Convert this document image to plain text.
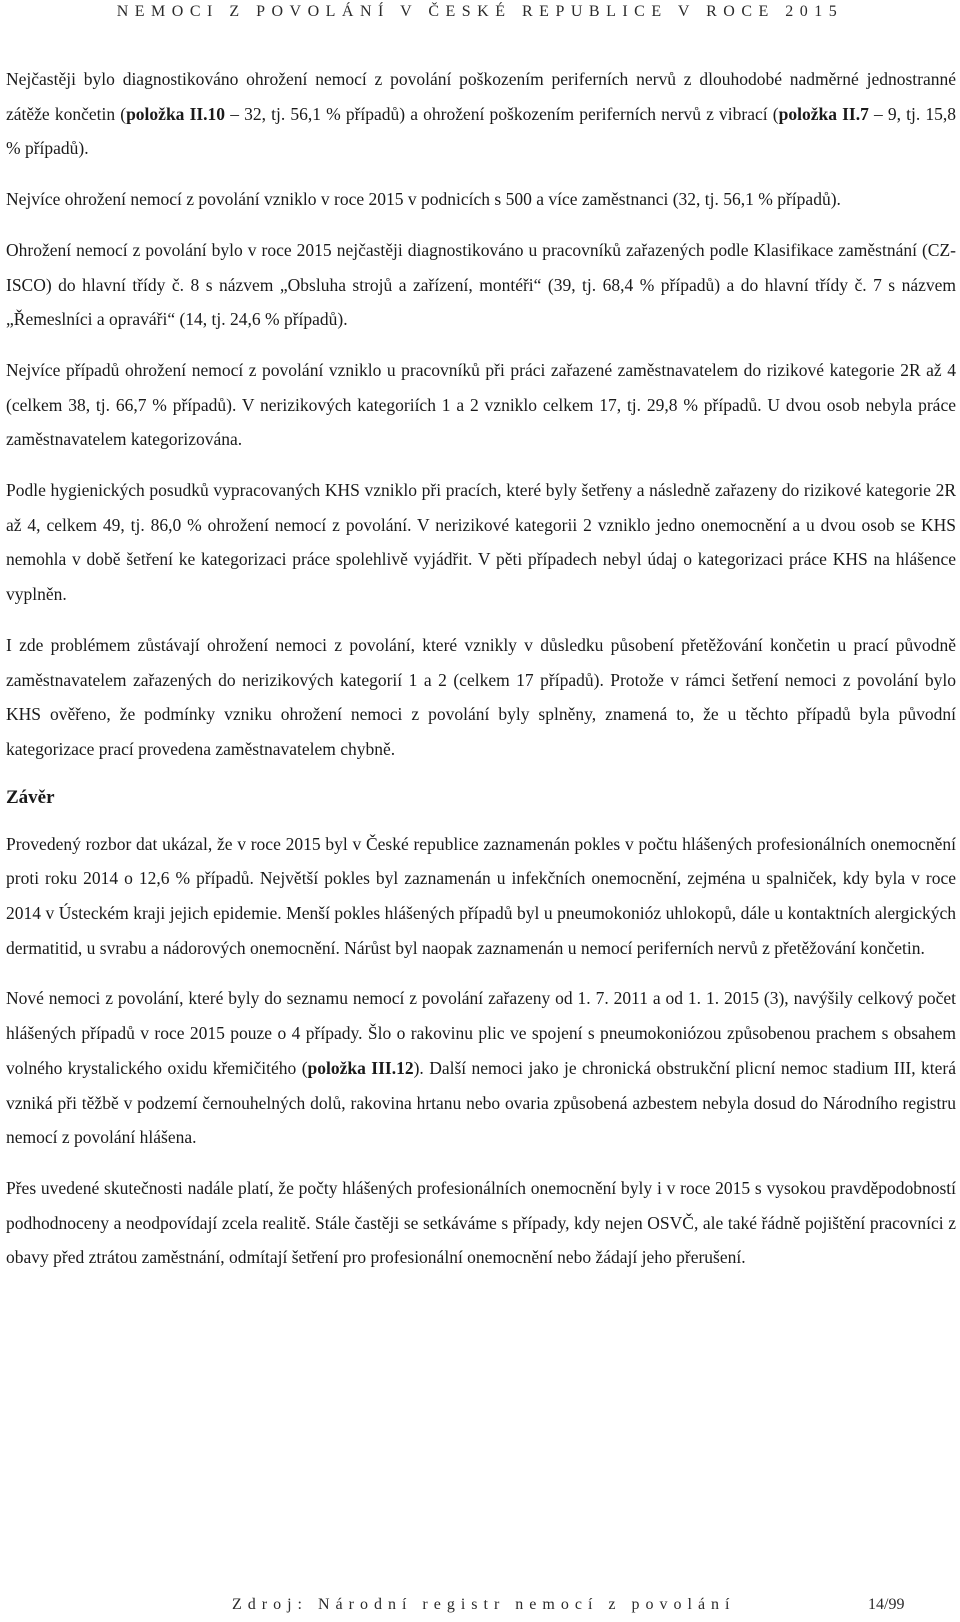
NEMOCI Z POVOLÁNÍ V ČESKÉ REPUBLICE V ROCE 2015

Nejčastěji bylo diagnostikováno ohrožení nemocí z povolání poškozením periferních nervů z dlouhodobé nadměrné jednostranné zátěže končetin (položka II.10 – 32, tj. 56,1 % případů) a ohrožení poškozením periferních nervů z vibrací (položka II.7 – 9, tj. 15,8 % případů).

Nejvíce ohrožení nemocí z povolání vzniklo v roce 2015 v podnicích s 500 a více zaměstnanci (32, tj. 56,1 % případů).

Ohrožení nemocí z povolání bylo v roce 2015 nejčastěji diagnostikováno u pracovníků zařazených podle Klasifikace zaměstnání (CZ-ISCO) do hlavní třídy č. 8 s názvem „Obsluha strojů a zařízení, montéři“ (39, tj. 68,4 % případů) a do hlavní třídy č. 7 s názvem „Řemeslníci a opraváři“ (14, tj. 24,6 % případů).

Nejvíce případů ohrožení nemocí z povolání vzniklo u pracovníků při práci zařazené zaměstnavatelem do rizikové kategorie 2R až 4 (celkem 38, tj. 66,7 % případů). V nerizikových kategoriích 1 a 2 vzniklo celkem 17, tj. 29,8 % případů. U dvou osob nebyla práce zaměstnavatelem kategorizována.

Podle hygienických posudků vypracovaných KHS vzniklo při pracích, které byly šetřeny a následně zařazeny do rizikové kategorie 2R až 4, celkem 49, tj. 86,0 % ohrožení nemocí z povolání. V nerizikové kategorii 2 vzniklo jedno onemocnění a u dvou osob se KHS nemohla v době šetření ke kategorizaci práce spolehlivě vyjádřit. V pěti případech nebyl údaj o kategorizaci práce KHS na hlášence vyplněn.

I zde problémem zůstávají ohrožení nemoci z povolání, které vznikly v důsledku působení přetěžování končetin u prací původně zaměstnavatelem zařazených do nerizikových kategorií 1 a 2 (celkem 17 případů). Protože v rámci šetření nemoci z povolání bylo KHS ověřeno, že podmínky vzniku ohrožení nemoci z povolání byly splněny, znamená to, že u těchto případů byla původní kategorizace prací provedena zaměstnavatelem chybně.

Závěr

Provedený rozbor dat ukázal, že v roce 2015 byl v České republice zaznamenán pokles v počtu hlášených profesionálních onemocnění proti roku 2014 o 12,6 % případů. Největší pokles byl zaznamenán u infekčních onemocnění, zejména u spalniček, kdy byla v roce 2014 v Ústeckém kraji jejich epidemie. Menší pokles hlášených případů byl u pneumokonióz uhlokopů, dále u kontaktních alergických dermatitid, u svrabu a nádorových onemocnění. Nárůst byl naopak zaznamenán u nemocí periferních nervů z přetěžování končetin.

Nové nemoci z povolání, které byly do seznamu nemocí z povolání zařazeny od 1. 7. 2011 a od 1. 1. 2015 (3), navýšily celkový počet hlášených případů v roce 2015 pouze o 4 případy. Šlo o rakovinu plic ve spojení s pneumokoniózou způsobenou prachem s obsahem volného krystalického oxidu křemičitého (položka III.12). Další nemoci jako je chronická obstrukční plicní nemoc stadium III, která vzniká při těžbě v podzemí černouhelných dolů, rakovina hrtanu nebo ovaria způsobená azbestem nebyla dosud do Národního registru nemocí z povolání hlášena.

Přes uvedené skutečnosti nadále platí, že počty hlášených profesionálních onemocnění byly i v roce 2015 s vysokou pravděpodobností podhodnoceny a neodpovídají zcela realitě. Stále častěji se setkáváme s případy, kdy nejen OSVČ, ale také řádně pojištění pracovníci z obavy před ztrátou zaměstnání, odmítají šetření pro profesionální onemocnění nebo žádají jeho přerušení.

Zdroj: Národní registr nemocí z povolání	14/99
